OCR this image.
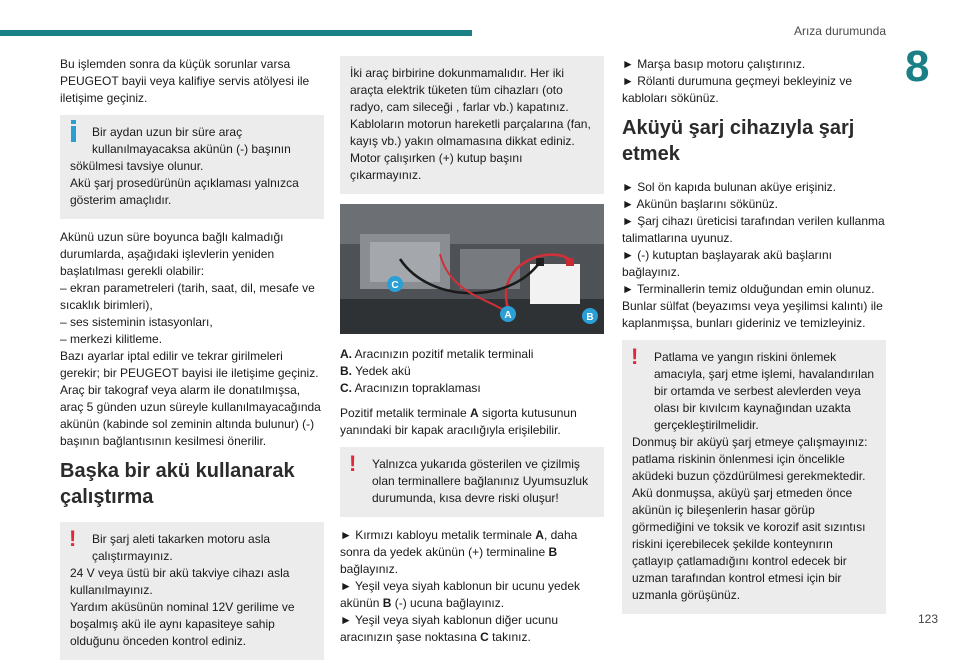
Arıza durumunda
8

Bu işlemden sonra da küçük sorunlar varsa PEUGEOT bayii veya kalifiye servis atölyesi ile iletişime geçiniz.

Bir aydan uzun bir süre araç kullanılmayacaksa akünün (-) başının
sökülmesi tavsiye olunur.
Akü şarj prosedürünün açıklaması yalnızca gösterim amaçlıdır.

Akünü uzun süre boyunca bağlı kalmadığı durumlarda, aşağıdaki işlevlerin yeniden başlatılması gerekli olabilir:

– ekran parametreleri (tarih, saat, dil, mesafe ve sıcaklık birimleri),

– ses sisteminin istasyonları,

– merkezi kilitleme.

Bazı ayarlar iptal edilir ve tekrar girilmeleri gerekir; bir PEUGEOT bayisi ile iletişime geçiniz.

Araç bir takograf veya alarm ile donatılmışsa, araç 5 günden uzun süreyle kullanılmayacağında akünün (kabinde sol zeminin altında bulunur) (-) başının bağlantısının kesilmesi önerilir.

Başka bir akü kullanarak çalıştırma
!	Bir şarj aleti takarken motoru asla çalıştırmayınız.
24 V veya üstü bir akü takviye cihazı asla kullanılmayınız.
Yardım aküsünün nominal 12V gerilime ve boşalmış akü ile aynı kapasiteye sahip olduğunu önceden kontrol ediniz.
İki araç birbirine dokunmamalıdır. Her iki araçta elektrik tüketen tüm cihazları (oto radyo, cam sileceği , farlar vb.) kapatınız. Kabloların motorun hareketli parçalarına (fan, kayış vb.) yakın olmamasına dikkat ediniz. Motor çalışırken (+) kutup başını çıkarmayınız.
C
A	B
A. Aracınızın pozitif metalik terminali
B. Yedek akü
C. Aracınızın topraklaması

Pozitif metalik terminale A sigorta kutusunun yanındaki bir kapak aracılığıyla erişilebilir.

!	Yalnızca yukarıda gösterilen ve çizilmiş olan terminallere bağlanınız Uyumsuzluk durumunda, kısa devre riski oluşur!

► Kırmızı kabloyu metalik terminale A, daha sonra da yedek akünün (+) terminaline B bağlayınız.

► Yeşil veya siyah kablonun bir ucunu yedek akünün B (-) ucuna bağlayınız.

► Yeşil veya siyah kablonun diğer ucunu aracınızın şase noktasına C takınız.

► Marşa basıp motoru çalıştırınız.

► Rölanti durumuna geçmeyi bekleyiniz ve kabloları sökünüz.

Aküyü şarj cihazıyla şarj etmek

► Sol ön kapıda bulunan aküye erişiniz.

► Akünün başlarını sökünüz.

► Şarj cihazı üreticisi tarafından verilen kullanma talimatlarına uyunuz.

► (-) kutuptan başlayarak akü başlarını bağlayınız.

► Terminallerin temiz olduğundan emin olunuz. Bunlar sülfat (beyazımsı veya yeşilimsi kalıntı) ile kaplanmışsa, bunları gideriniz ve temizleyiniz.

!	Patlama ve yangın riskini önlemek amacıyla, şarj etme işlemi, havalandırılan bir ortamda ve serbest alevlerden veya olası bir kıvılcım kaynağından uzakta gerçekleştirilmelidir.
Donmuş bir aküyü şarj etmeye çalışmayınız: patlama riskinin önlenmesi için öncelikle aküdeki buzun çözdürülmesi gerekmektedir. Akü donmuşsa, aküyü şarj etmeden önce akünün iç bileşenlerin hasar görüp görmediğini ve toksik ve korozif asit sızıntısı riskini içerebilecek şekilde konteynırın çatlayıp çatlamadığını kontrol edecek bir uzman tarafından kontrol etmesi için bir uzmanla görüşünüz.
123
